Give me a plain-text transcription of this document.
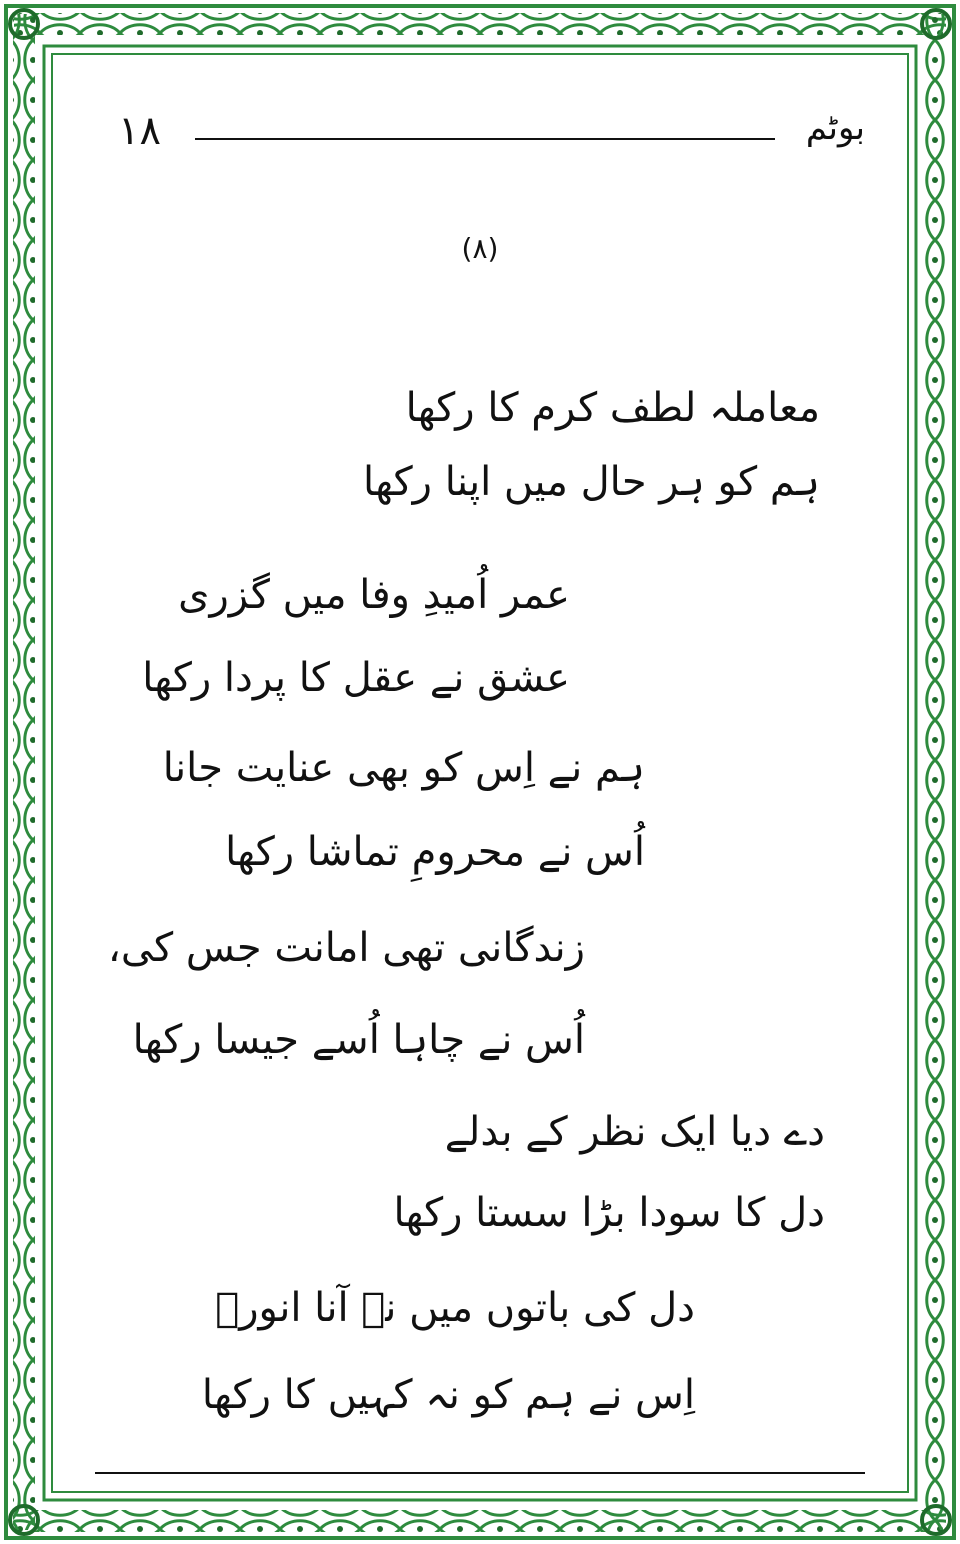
۱۸	بوٹم
(۸)
معاملہ لطف کرم کا رکھا
ہم کو ہر حال میں اپنا رکھا
عمر اُمیدِ وفا میں گزری
عشق نے عقل کا پردا رکھا
ہم نے اِس کو بھی عنایت جانا
اُس نے محرومِ تماشا رکھا
زندگانی تھی امانت جس کی،
اُس نے چاہا اُسے جیسا رکھا
دے دیا ایک نظر کے بدلے
دل کا سودا بڑا سستا رکھا
دل کی باتوں میں نہ آنا انورؔ
اِس نے ہم کو نہ کہیں کا رکھا
